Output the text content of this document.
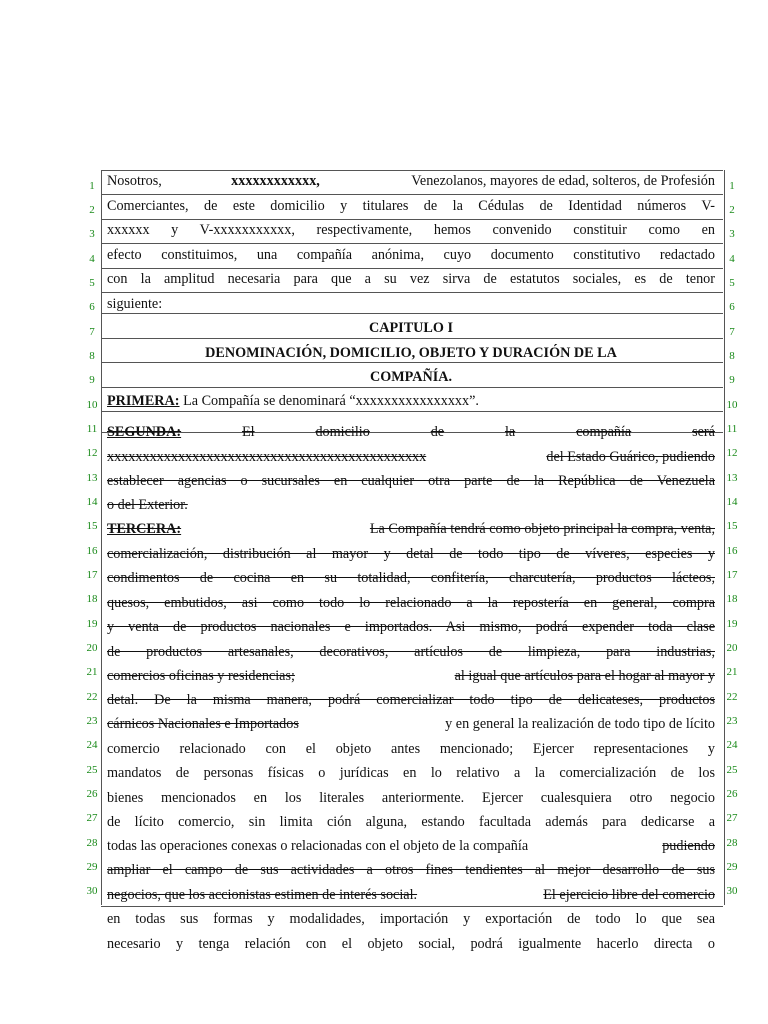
1
2
3
4
5
6
7
8
9
10
11
12
13
14
15
16
17
18
19
20
21
22
23
24
25
26
27
28
29
30
1
2
3
4
5
6
7
8
9
10
11
12
13
14
15
16
17
18
19
20
21
22
23
24
25
26
27
28
29
30
Nosotros,	xxxxxxxxxxxx,	Venezolanos, mayores de edad, solteros, de Profesión
Comerciantes, de este domicilio y titulares de la Cédulas de Identidad números V-
xxxxxx y V-xxxxxxxxxxx, respectivamente, hemos convenido constituir como en
efecto constituimos, una compañía anónima, cuyo documento constitutivo redactado
con la amplitud necesaria para que a su vez sirva de estatutos sociales, es de tenor
siguiente:
CAPITULO I
DENOMINACIÓN, DOMICILIO, OBJETO Y DURACIÓN DE LA
COMPAÑÍA.
PRIMERA: La Compañía se denominará “xxxxxxxxxxxxxxxx”.
SEGUNDA:	El	domicilio	de	la	compañía	será
xxxxxxxxxxxxxxxxxxxxxxxxxxxxxxxxxxxxxxxxxxxxx	del Estado Guárico, pudiendo
establecer agencias o sucursales en cualquier otra parte de la República de Venezuela
o del Exterior.
TERCERA:	La Compañía tendrá como objeto principal la compra, venta,
comercialización, distribución al mayor y detal de todo tipo de víveres, especies y
condimentos de cocina en su totalidad, confitería, charcutería, productos lácteos,
quesos, embutidos, asi como todo lo relacionado a la repostería en general, compra
y venta de productos nacionales e importados. Asi mismo, podrá expender toda clase
de productos artesanales, decorativos, artículos de limpieza, para industrias,
comercios oficinas y residencias;	al igual que artículos para el hogar al mayor y
detal. De la misma manera, podrá comercializar todo tipo de delicateses, productos
cárnicos Nacionales e Importados	y en general la realización de todo tipo de lícito
comercio relacionado con el objeto antes mencionado; Ejercer representaciones y
mandatos de personas físicas o jurídicas en lo relativo a la comercialización de los
bienes mencionados en los literales anteriormente. Ejercer cualesquiera otro negocio
de lícito comercio, sin limita ción alguna, estando facultada además para dedicarse a
todas las operaciones conexas o relacionadas con el objeto de la compañía	pudiendo
ampliar el campo de sus actividades a otros fines tendientes al mejor desarrollo de sus
negocios, que los accionistas estimen de interés social.	El ejercicio libre del comercio
en todas sus formas y modalidades, importación y exportación de todo lo que sea
necesario y tenga relación con el objeto social, podrá igualmente hacerlo directa o
